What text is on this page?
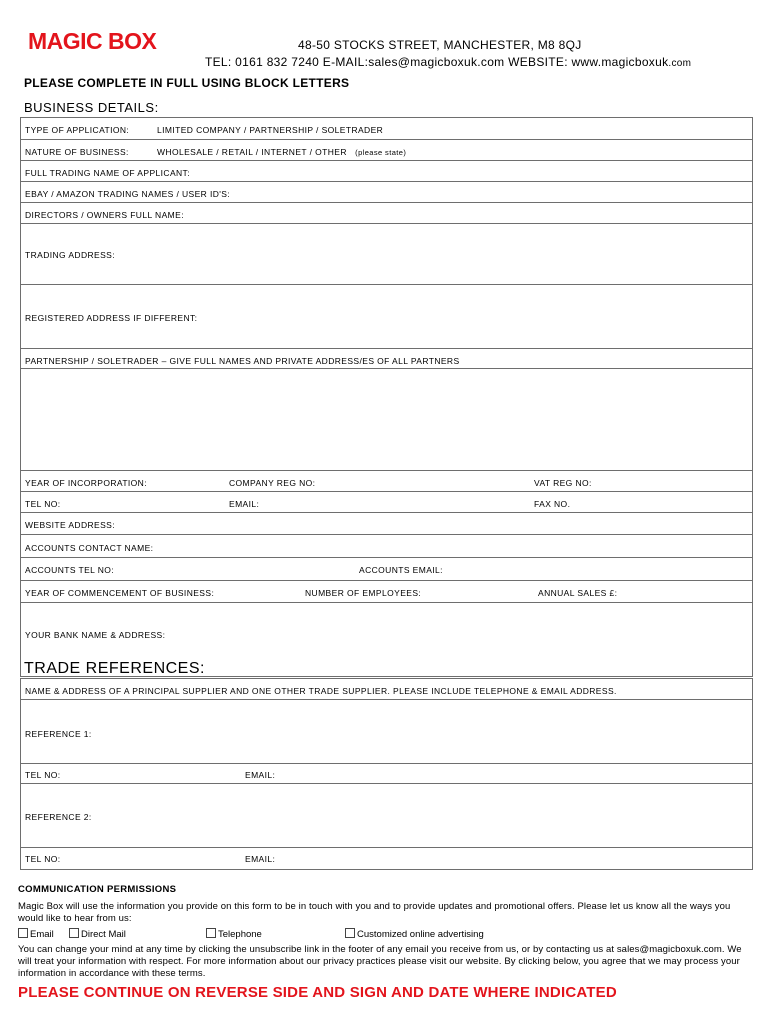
MAGIC BOX	48-50 STOCKS STREET, MANCHESTER, M8 8QJ
TEL: 0161 832 7240 E-MAIL:sales@magicboxuk.com WEBSITE: www.magicboxuk.com
PLEASE COMPLETE IN FULL USING BLOCK LETTERS
BUSINESS DETAILS:
TYPE OF APPLICATION:	LIMITED COMPANY / PARTNERSHIP / SOLETRADER
NATURE OF BUSINESS:	WHOLESALE / RETAIL / INTERNET / OTHER (please state)
FULL TRADING NAME OF APPLICANT:
EBAY / AMAZON TRADING NAMES / USER ID'S:
DIRECTORS / OWNERS FULL NAME:
TRADING ADDRESS:
REGISTERED ADDRESS IF DIFFERENT:
PARTNERSHIP / SOLETRADER – GIVE FULL NAMES AND PRIVATE ADDRESS/ES OF ALL PARTNERS
YEAR OF INCORPORATION:	COMPANY REG NO:	VAT REG NO:
TEL NO:	EMAIL:	FAX NO.
WEBSITE ADDRESS:
ACCOUNTS CONTACT NAME:
ACCOUNTS TEL NO:	ACCOUNTS EMAIL:
YEAR OF COMMENCEMENT OF BUSINESS:	NUMBER OF EMPLOYEES:	ANNUAL SALES £:
YOUR BANK NAME & ADDRESS:
TRADE REFERENCES:
NAME & ADDRESS OF A PRINCIPAL SUPPLIER AND ONE OTHER TRADE SUPPLIER. PLEASE INCLUDE TELEPHONE & EMAIL ADDRESS.
REFERENCE 1:
TEL NO:	EMAIL:
REFERENCE 2:
TEL NO:	EMAIL:
COMMUNICATION PERMISSIONS
Magic Box will use the information you provide on this form to be in touch with you and to provide updates and promotional offers. Please let us know all the ways you would like to hear from us:
Email	Direct Mail	Telephone	Customized online advertising
You can change your mind at any time by clicking the unsubscribe link in the footer of any email you receive from us, or by contacting us at sales@magicboxuk.com. We will treat your information with respect. For more information about our privacy practices please visit our website. By clicking below, you agree that we may process your information in accordance with these terms.
PLEASE CONTINUE ON REVERSE SIDE AND SIGN AND DATE WHERE INDICATED
